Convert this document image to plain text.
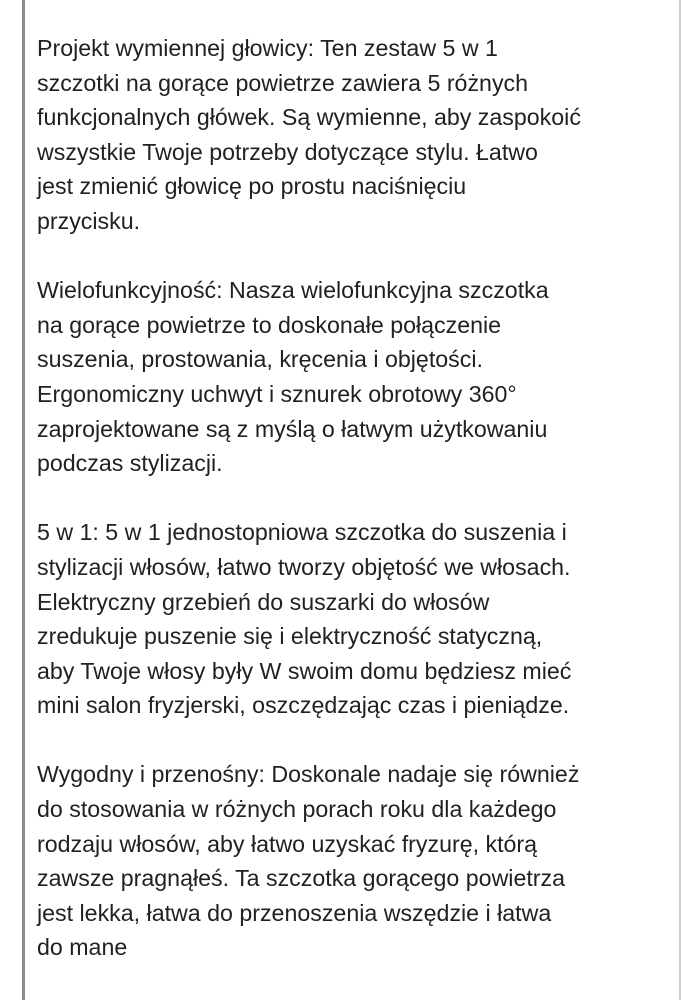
Projekt wymiennej głowicy: Ten zestaw 5 w 1
szczotki na gorące powietrze zawiera 5 różnych
funkcjonalnych główek. Są wymienne, aby zaspokoić
wszystkie Twoje potrzeby dotyczące stylu. Łatwo
jest zmienić głowicę po prostu naciśnięciu
przycisku.

Wielofunkcyjność: Nasza wielofunkcyjna szczotka
na gorące powietrze to doskonałe połączenie
suszenia, prostowania, kręcenia i objętości.
Ergonomiczny uchwyt i sznurek obrotowy 360°
zaprojektowane są z myślą o łatwym użytkowaniu
podczas stylizacji.

5 w 1: 5 w 1 jednostopniowa szczotka do suszenia i
stylizacji włosów, łatwo tworzy objętość we włosach.
Elektryczny grzebień do suszarki do włosów
zredukuje puszenie się i elektryczność statyczną,
aby Twoje włosy były W swoim domu będziesz mieć
mini salon fryzjerski, oszczędzając czas i pieniądze.

Wygodny i przenośny: Doskonale nadaje się również
do stosowania w różnych porach roku dla każdego
rodzaju włosów, aby łatwo uzyskać fryzurę, którą
zawsze pragnąłeś. Ta szczotka gorącego powietrza
jest lekka, łatwa do przenoszenia wszędzie i łatwa
do mane
